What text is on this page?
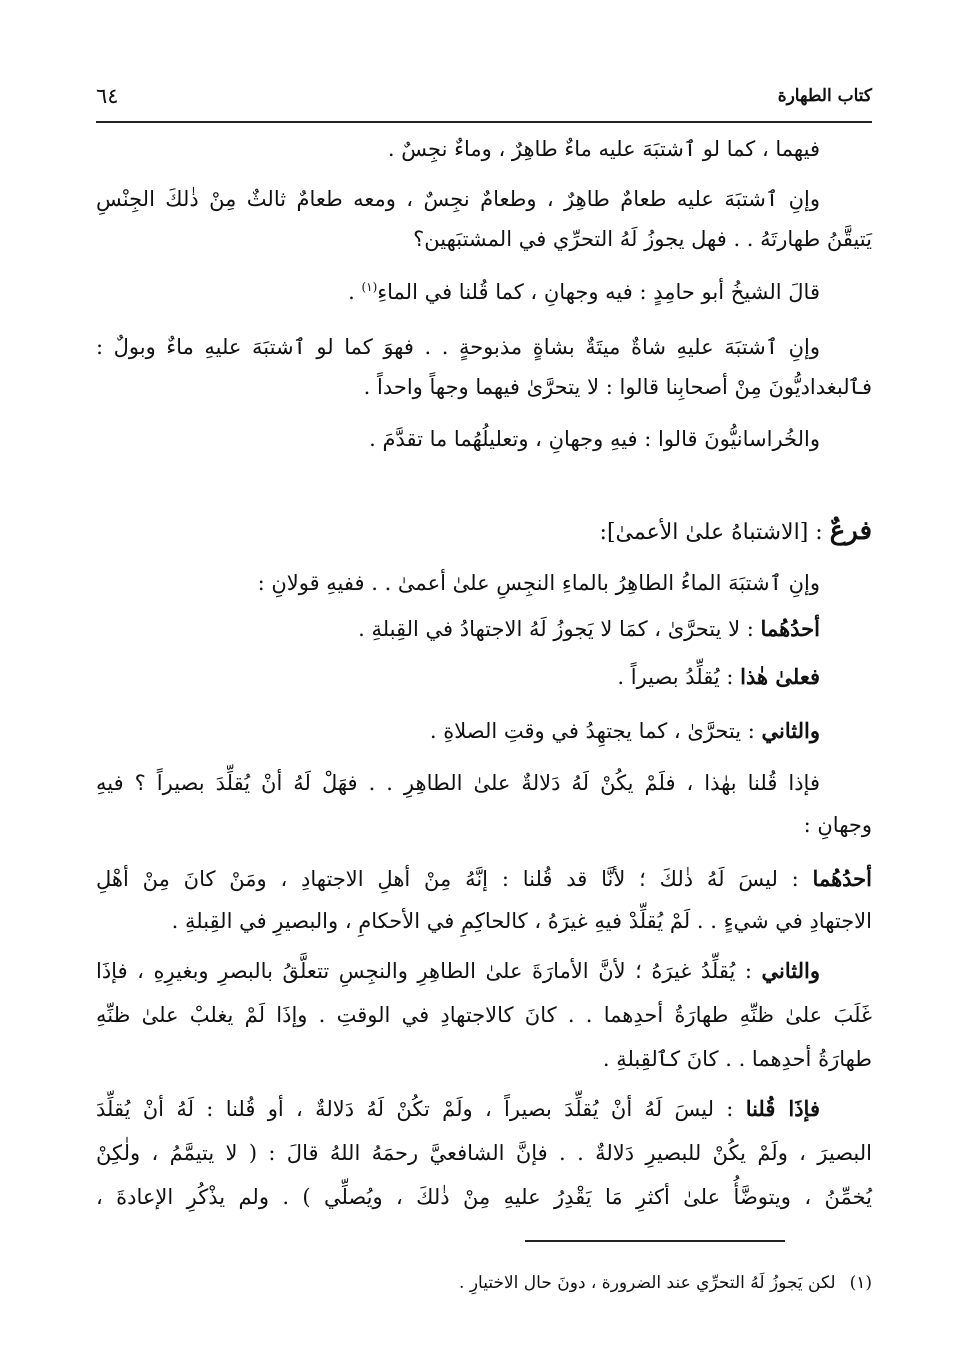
كتاب الطهارة
٦٤
فيهما ، كما لو ٱشتبَهَ عليه ماءٌ طاهِرٌ ، وماءٌ نجِسٌ .
وإنِ ٱشتبَهَ عليه طعامٌ طاهِرٌ ، وطعامٌ نجِسٌ ، ومعه طعامٌ ثالثٌ مِنْ ذٰلكَ الجِنْسِ
يَتيقَّنُ طهارتَهُ . . فهل يجوزُ لَهُ التحرِّي في المشتبَهين؟
قالَ الشيخُ أبو حامِدٍ : فيه وجهانِ ، كما قُلنا في الماءِ$^{(١)}$ .
وإنِ ٱشتبَهَ عليهِ شاةٌ ميتَةٌ بشاةٍ مذبوحةٍ . . فهوَ كما لو ٱشتبَهَ عليهِ ماءٌ وبولٌ :
فٱلبغداديُّونَ مِنْ أصحابِنا قالوا : لا يتحرَّىٰ فيهما وجهاً واحداً .
والخُراسانيُّونَ قالوا : فيهِ وجهانِ ، وتعليلُهُما ما تقدَّمَ .
فرعٌ : [الاشتباهُ علىٰ الأعمىٰ]:
وإنِ ٱشتبَهَ الماءُ الطاهِرُ بالماءِ النجِسِ علىٰ أعمىٰ . . ففيهِ قولانِ :
أحدُهُما : لا يتحرَّىٰ ، كمَا لا يَجوزُ لَهُ الاجتهادُ في القِبلةِ .
فعلىٰ هٰذا : يُقلِّدُ بصيراً .
والثاني : يتحرَّىٰ ، كما يجتهِدُ في وقتِ الصلاةِ .
فإذا قُلنا بهٰذا ، فلَمْ يكُنْ لَهُ دَلالةٌ علىٰ الطاهِرِ . . فهَلْ لَهُ أنْ يُقلِّدَ بصيراً ؟ فيهِ
وجهانِ :
أحدُهُما : ليسَ لَهُ ذٰلكَ ؛ لأنَّا قد قُلنا : إنَّهُ مِنْ أهلِ الاجتهادِ ، ومَنْ كانَ مِنْ أهْلِ
الاجتهادِ في شيءٍ . . لَمْ يُقلِّدْ فيهِ غيرَهُ ، كالحاكِمِ في الأحكامِ ، والبصيرِ في القِبلةِ .
والثاني : يُقلِّدُ غيرَهُ ؛ لأنَّ الأمارَةَ علىٰ الطاهِرِ والنجِسِ تتعلَّقُ بالبصرِ وبغيرِهِ ، فإذَا
غَلَبَ علىٰ ظنِّهِ طهارَةُ أحدِهما . . كانَ كالاجتهادِ في الوقتِ . وإذَا لَمْ يغلبْ علىٰ ظنِّهِ
طهارَةُ أحدِهما . . كانَ كٱلقِبلةِ .
فإذَا قُلنا : ليسَ لَهُ أنْ يُقلِّدَ بصيراً ، ولَمْ تكُنْ لَهُ دَلالةٌ ، أو قُلنا : لَهُ أنْ يُقلِّدَ
البصيرَ ، ولَمْ يكُنْ للبصيرِ دَلالةٌ . . فإنَّ الشافعيَّ رحمَهُ اللهُ قالَ : ( لا يتيمَّمُ ، ولٰكِنْ
يُخمِّنُ ، ويتوضَّأُ علىٰ أكثرِ مَا يَقْدِرُ عليهِ مِنْ ذٰلكَ ، ويُصلِّي ) . ولم يذْكُرِ الإعادةَ ،
(١)لكن يَجوزُ لَهُ التحرِّي عند الضرورة ، دونَ حال الاختيارِ .
